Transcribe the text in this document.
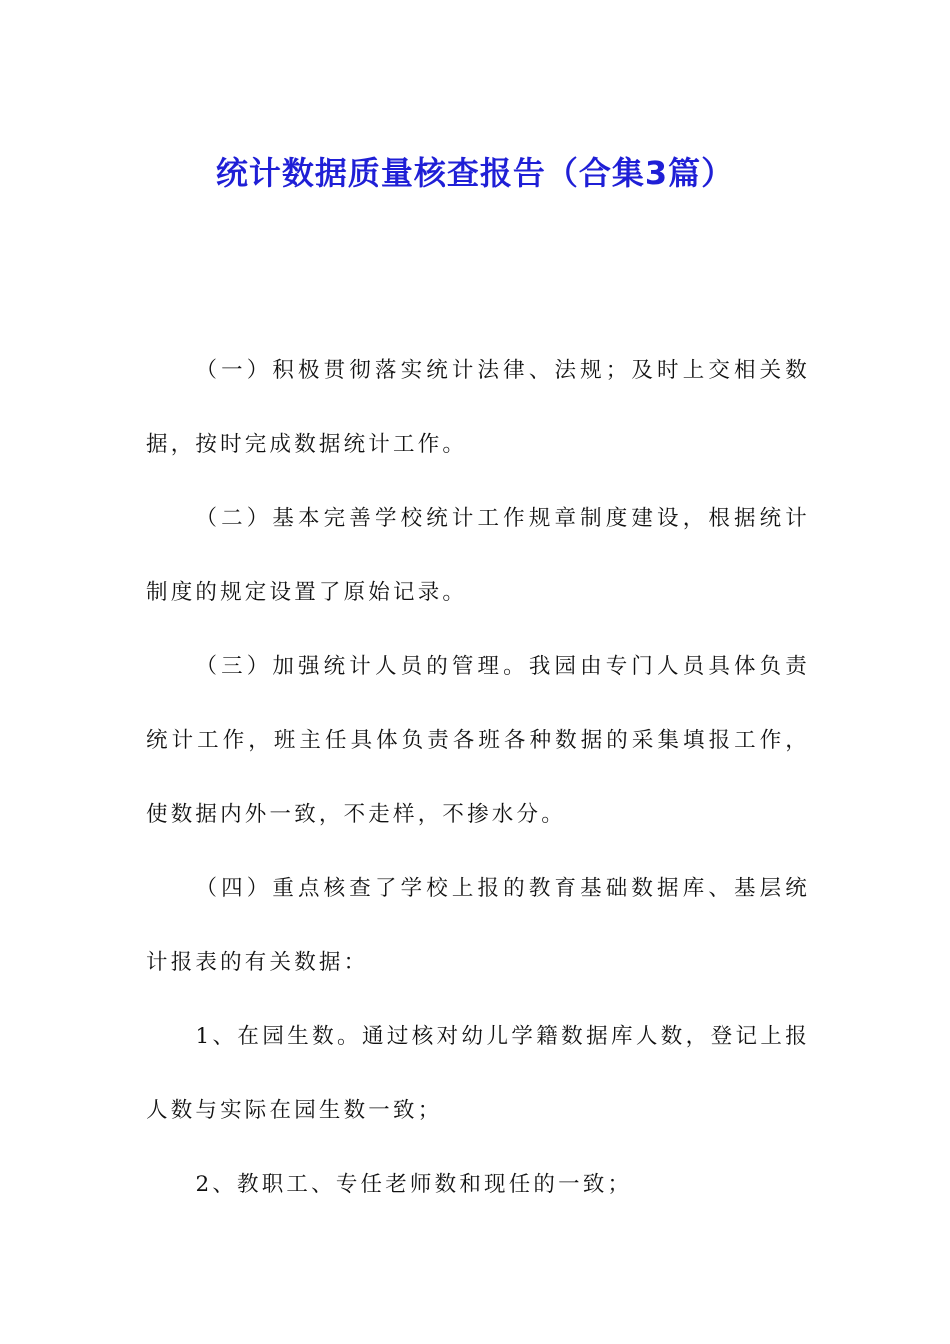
统计数据质量核查报告（合集3篇）

（一）积极贯彻落实统计法律、法规；及时上交相关数据，按时完成数据统计工作。

（二）基本完善学校统计工作规章制度建设，根据统计制度的规定设置了原始记录。

（三）加强统计人员的管理。我园由专门人员具体负责统计工作，班主任具体负责各班各种数据的采集填报工作，使数据内外一致，不走样，不掺水分。

（四）重点核查了学校上报的教育基础数据库、基层统计报表的有关数据：

1、在园生数。通过核对幼儿学籍数据库人数，登记上报人数与实际在园生数一致；

2、教职工、专任老师数和现任的一致；
